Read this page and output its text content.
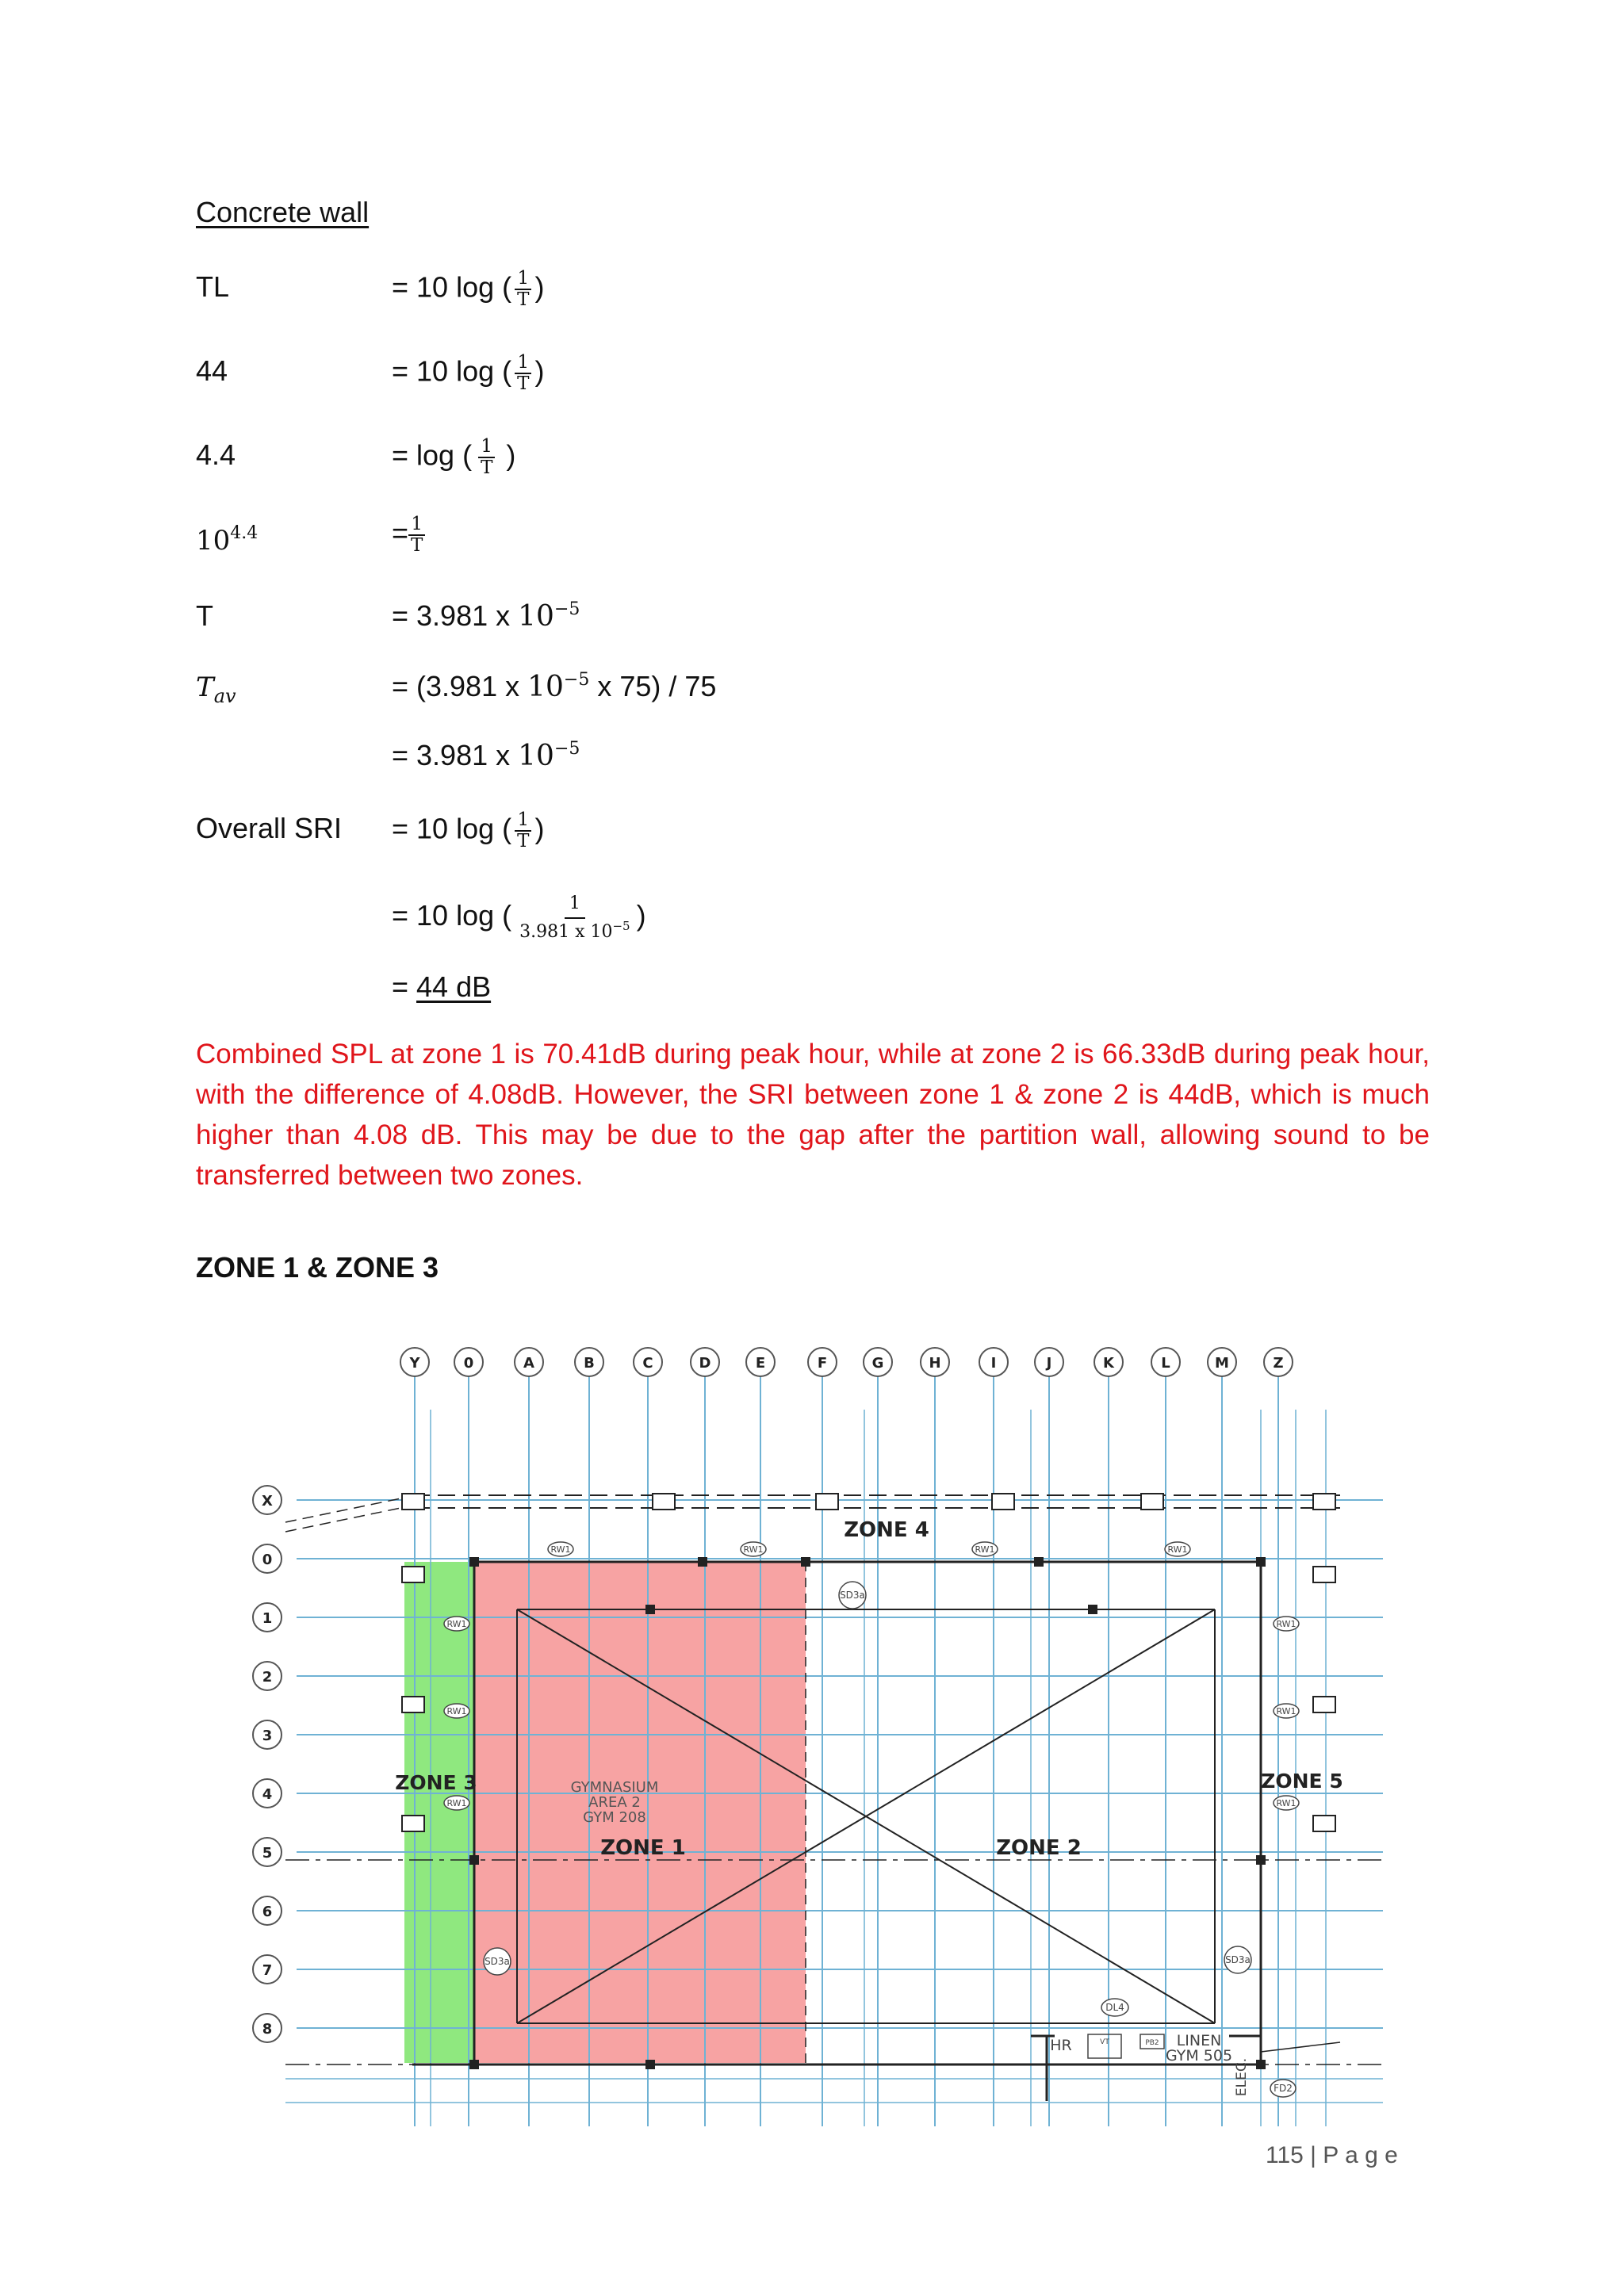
Concrete wall
TL	= 10 log ( $\frac{1}{T}$ )
44	= 10 log ( $\frac{1}{T}$ )
4.4	= log ( $\frac{1}{T}$ )
$10^{4.4}$	= $\frac{1}{T}$
T	= 3.981 x $10^{-5}$
$T_{av}$	= (3.981 x $10^{-5}$ x 75) / 75
= 3.981 x $10^{-5}$
Overall SRI = 10 log ( $\frac{1}{T}$ )
= 10 log ( $\frac{1}{3.981 x 10^{-5}}$ )
= 44 dB
Combined SPL at zone 1 is 70.41dB during peak hour, while at zone 2 is 66.33dB during peak hour, with the difference of 4.08dB. However, the SRI between zone 1 & zone 2 is 44dB, which is much higher than 4.08 dB. This may be due to the gap after the partition wall, allowing sound to be transferred between two zones.
ZONE 1 & ZONE 3
Y	0	A	B	C	D	E	F	G	H	I	J	K	L	M	Z
X
0
1
2
3
4
5
6
7
8
ZONE 4
ZONE 3
ZONE 1	ZONE 2
ZONE 5
GYMNASIUM
AREA 2
GYM 208
RW1	RW1	RW1	RW1
RW1
RW1
RW1
RW1
RW1
RW1
SD3a
SD3a	SD3a
DL4
FD2
HR	VT	PB2 LINEN
GYM 505
ELEC.
115 | P a g e
